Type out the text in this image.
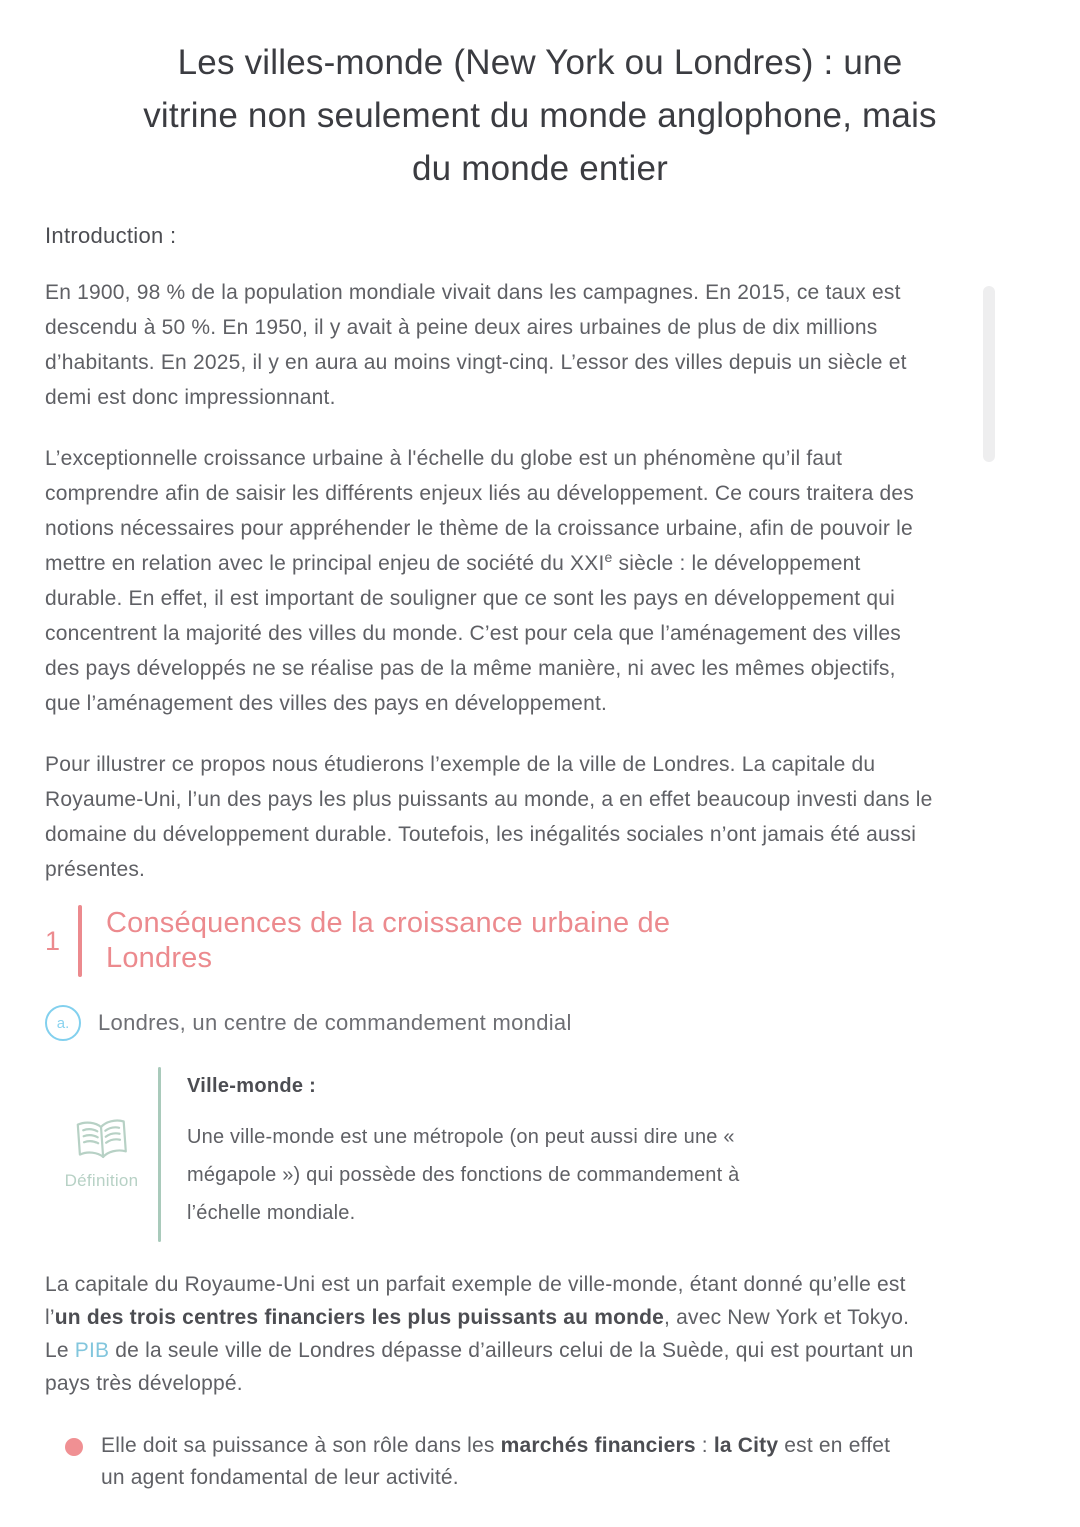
Les villes-monde (New York ou Londres) : une vitrine non seulement du monde anglophone, mais du monde entier
Introduction :

En 1900, 98 % de la population mondiale vivait dans les campagnes. En 2015, ce taux est descendu à 50 %. En 1950, il y avait à peine deux aires urbaines de plus de dix millions d’habitants. En 2025, il y en aura au moins vingt-cinq. L’essor des villes depuis un siècle et demi est donc impressionnant.

L’exceptionnelle croissance urbaine à l'échelle du globe est un phénomène qu’il faut comprendre afin de saisir les différents enjeux liés au développement. Ce cours traitera des notions nécessaires pour appréhender le thème de la croissance urbaine, afin de pouvoir le mettre en relation avec le principal enjeu de société du XXIe siècle : le développement durable. En effet, il est important de souligner que ce sont les pays en développement qui concentrent la majorité des villes du monde. C’est pour cela que l’aménagement des villes des pays développés ne se réalise pas de la même manière, ni avec les mêmes objectifs, que l’aménagement des villes des pays en développement.

Pour illustrer ce propos nous étudierons l’exemple de la ville de Londres. La capitale du Royaume-Uni, l’un des pays les plus puissants au monde, a en effet beaucoup investi dans le domaine du développement durable. Toutefois, les inégalités sociales n’ont jamais été aussi présentes.

1
Conséquences de la croissance urbaine de Londres
a.	Londres, un centre de commandement mondial
Définition
Ville-monde :

Une ville-monde est une métropole (on peut aussi dire une « mégapole ») qui possède des fonctions de commandement à l’échelle mondiale.

La capitale du Royaume-Uni est un parfait exemple de ville-monde, étant donné qu’elle est l’un des trois centres financiers les plus puissants au monde, avec New York et Tokyo. Le PIB de la seule ville de Londres dépasse d’ailleurs celui de la Suède, qui est pourtant un pays très développé.

Elle doit sa puissance à son rôle dans les marchés financiers : la City est en effet un agent fondamental de leur activité.
